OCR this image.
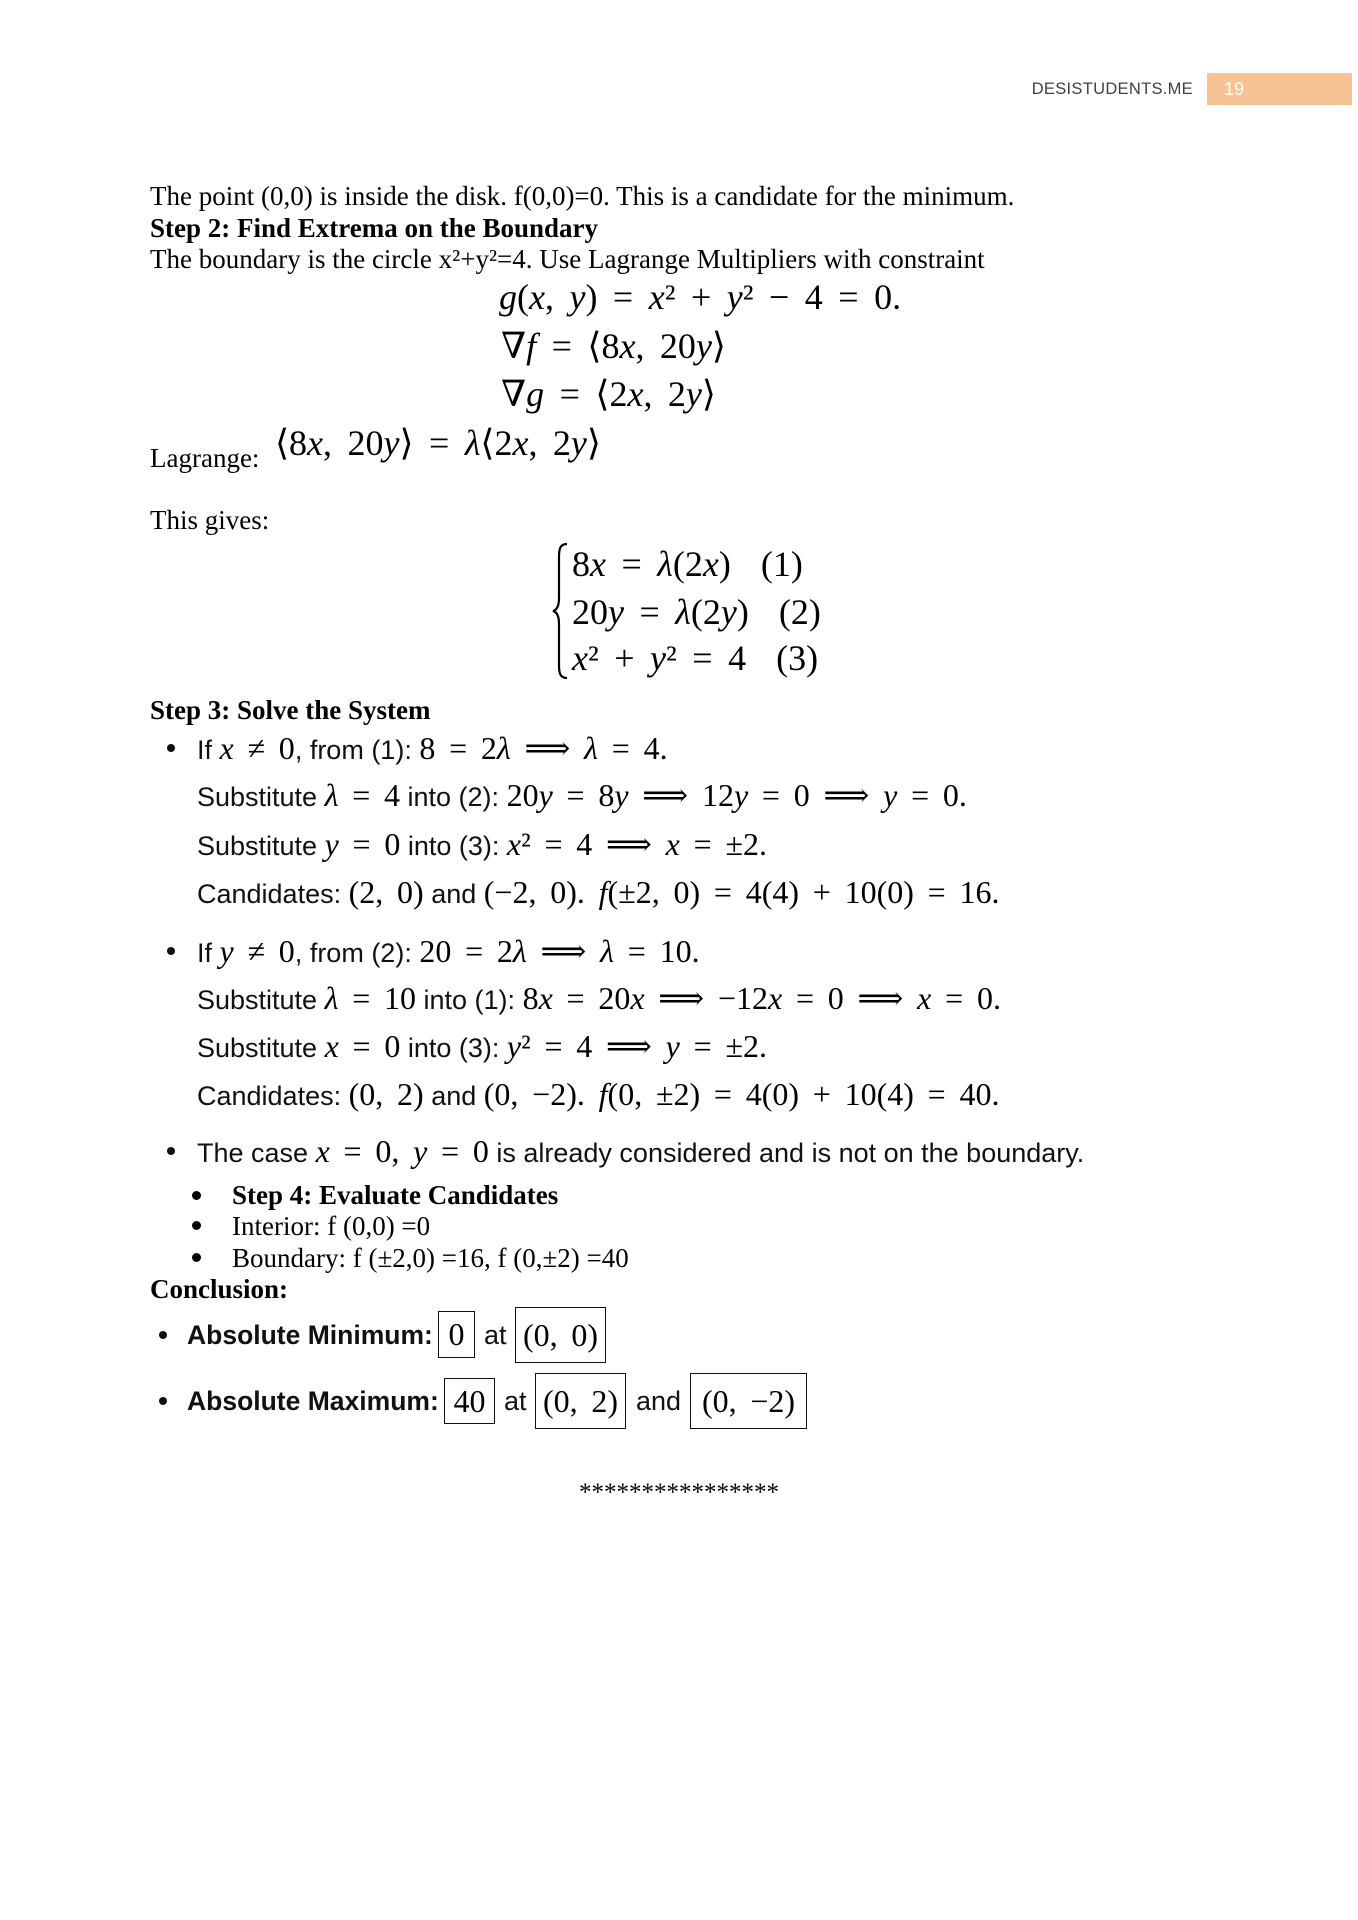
DESISTUDENTS.ME 19
The point (0,0) is inside the disk. f(0,0)=0. This is a candidate for the minimum.
Step 2: Find Extrema on the Boundary
The boundary is the circle x²+y²=4. Use Lagrange Multipliers with constraint
g(x, y) = x² + y² − 4 = 0.
∇f = ⟨8x, 20y⟩
∇g = ⟨2x, 2y⟩
Lagrange: ⟨8x, 20y⟩ = λ⟨2x, 2y⟩
This gives:
8x = λ(2x) (1)
20y = λ(2y) (2)
x² + y² = 4 (3)
Step 3: Solve the System
If x ≠ 0, from (1): 8 = 2λ ⟹ λ = 4.
Substitute λ = 4 into (2): 20y = 8y ⟹ 12y = 0 ⟹ y = 0.
Substitute y = 0 into (3): x² = 4 ⟹ x = ±2.
Candidates: (2, 0) and (−2, 0). f(±2, 0) = 4(4) + 10(0) = 16.
If y ≠ 0, from (2): 20 = 2λ ⟹ λ = 10.
Substitute λ = 10 into (1): 8x = 20x ⟹ −12x = 0 ⟹ x = 0.
Substitute x = 0 into (3): y² = 4 ⟹ y = ±2.
Candidates: (0, 2) and (0, −2). f(0, ±2) = 4(0) + 10(4) = 40.
The case x = 0, y = 0 is already considered and is not on the boundary.
Step 4: Evaluate Candidates
Interior: f (0,0) =0
Boundary: f (±2,0) =16, f (0,±2) =40
Conclusion:
Absolute Minimum: 0 at (0, 0)
Absolute Maximum: 40 at (0, 2) and (0, −2)
****************
